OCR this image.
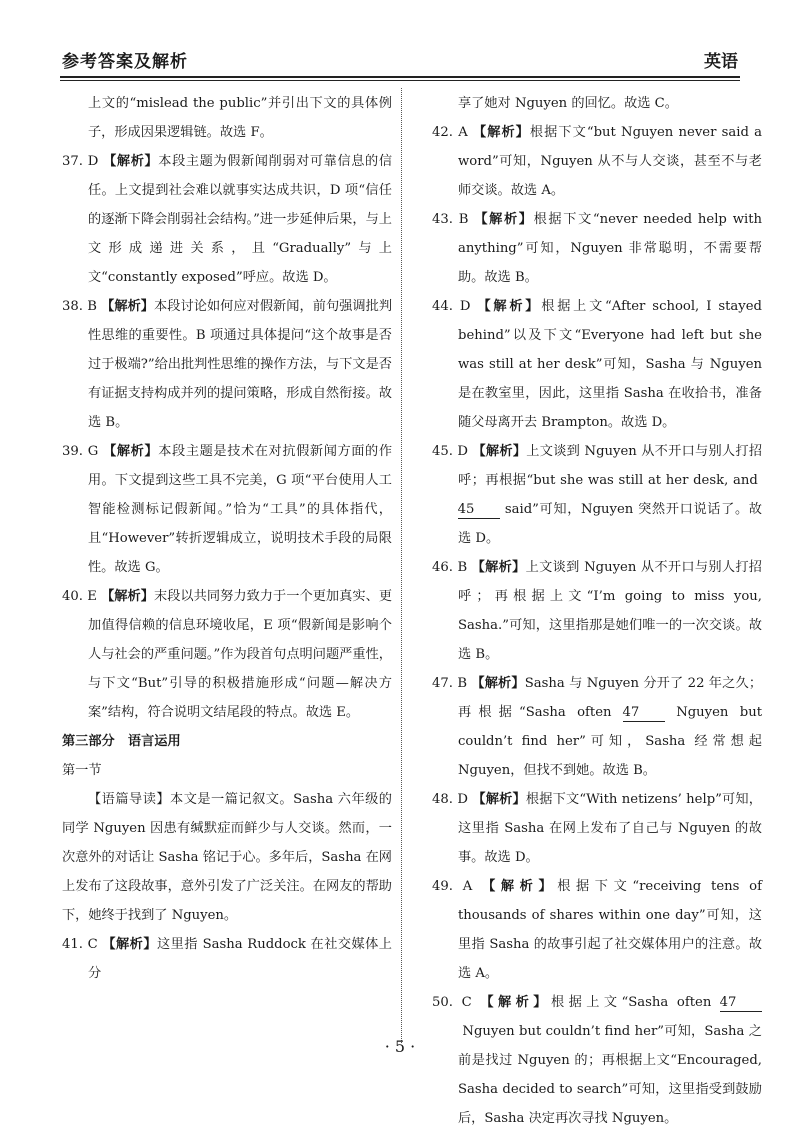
参考答案及解析	英语

上文的“mislead the public”并引出下文的具体例子，形成因果逻辑链。故选 F。

37. D 【解析】本段主题为假新闻削弱对可靠信息的信任。上文提到社会难以就事实达成共识，D 项“信任的逐渐下降会削弱社会结构。”进一步延伸后果，与上文形成递进关系，且“Gradually”与上文“constantly exposed”呼应。故选 D。

38. B 【解析】本段讨论如何应对假新闻，前句强调批判性思维的重要性。B 项通过具体提问“这个故事是否过于极端?”给出批判性思维的操作方法，与下文是否有证据支持构成并列的提问策略，形成自然衔接。故选 B。

39. G 【解析】本段主题是技术在对抗假新闻方面的作用。下文提到这些工具不完美，G 项“平台使用人工智能检测标记假新闻。”恰为“工具”的具体指代，且“However”转折逻辑成立，说明技术手段的局限性。故选 G。

40. E 【解析】末段以共同努力致力于一个更加真实、更加值得信赖的信息环境收尾，E 项“假新闻是影响个人与社会的严重问题。”作为段首句点明问题严重性，与下文“But”引导的积极措施形成“问题—解决方案”结构，符合说明文结尾段的特点。故选 E。

第三部分　语言运用

第一节

【语篇导读】本文是一篇记叙文。Sasha 六年级的同学 Nguyen 因患有缄默症而鲜少与人交谈。然而，一次意外的对话让 Sasha 铭记于心。多年后，Sasha 在网上发布了这段故事，意外引发了广泛关注。在网友的帮助下，她终于找到了 Nguyen。

41. C 【解析】这里指 Sasha Ruddock 在社交媒体上分

享了她对 Nguyen 的回忆。故选 C。

42. A 【解析】根据下文“but Nguyen never said a word”可知，Nguyen 从不与人交谈，甚至不与老师交谈。故选 A。

43. B 【解析】根据下文“never needed help with anything”可知，Nguyen 非常聪明，不需要帮助。故选 B。

44. D 【解析】根据上文“After school, I stayed behind”以及下文“Everyone had left but she was still at her desk”可知，Sasha 与 Nguyen 是在教室里，因此，这里指 Sasha 在收拾书，准备随父母离开去 Brampton。故选 D。

45. D 【解析】上文谈到 Nguyen 从不开口与别人打招呼；再根据“but she was still at her desk, and 45 said”可知，Nguyen 突然开口说话了。故选 D。

46. B 【解析】上文谈到 Nguyen 从不开口与别人打招呼；再根据上文“I’m going to miss you, Sasha.”可知，这里指那是她们唯一的一次交谈。故选 B。

47. B 【解析】Sasha 与 Nguyen 分开了 22 年之久；再根据“Sasha often 47	Nguyen but couldn’t find her”可知，Sasha 经常想起 Nguyen，但找不到她。故选 B。

48. D 【解析】根据下文“With netizens’ help”可知，这里指 Sasha 在网上发布了自己与 Nguyen 的故事。故选 D。

49. A 【解析】根据下文“receiving tens of thousands of shares within one day”可知，这里指 Sasha 的故事引起了社交媒体用户的注意。故选 A。

50. C 【解析】根据上文“Sasha often 47 Nguyen but couldn’t find her”可知，Sasha 之前是找过 Nguyen 的；再根据上文“Encouraged, Sasha decided to search”可知，这里指受到鼓励后，Sasha 决定再次寻找 Nguyen。

· 5 ·
